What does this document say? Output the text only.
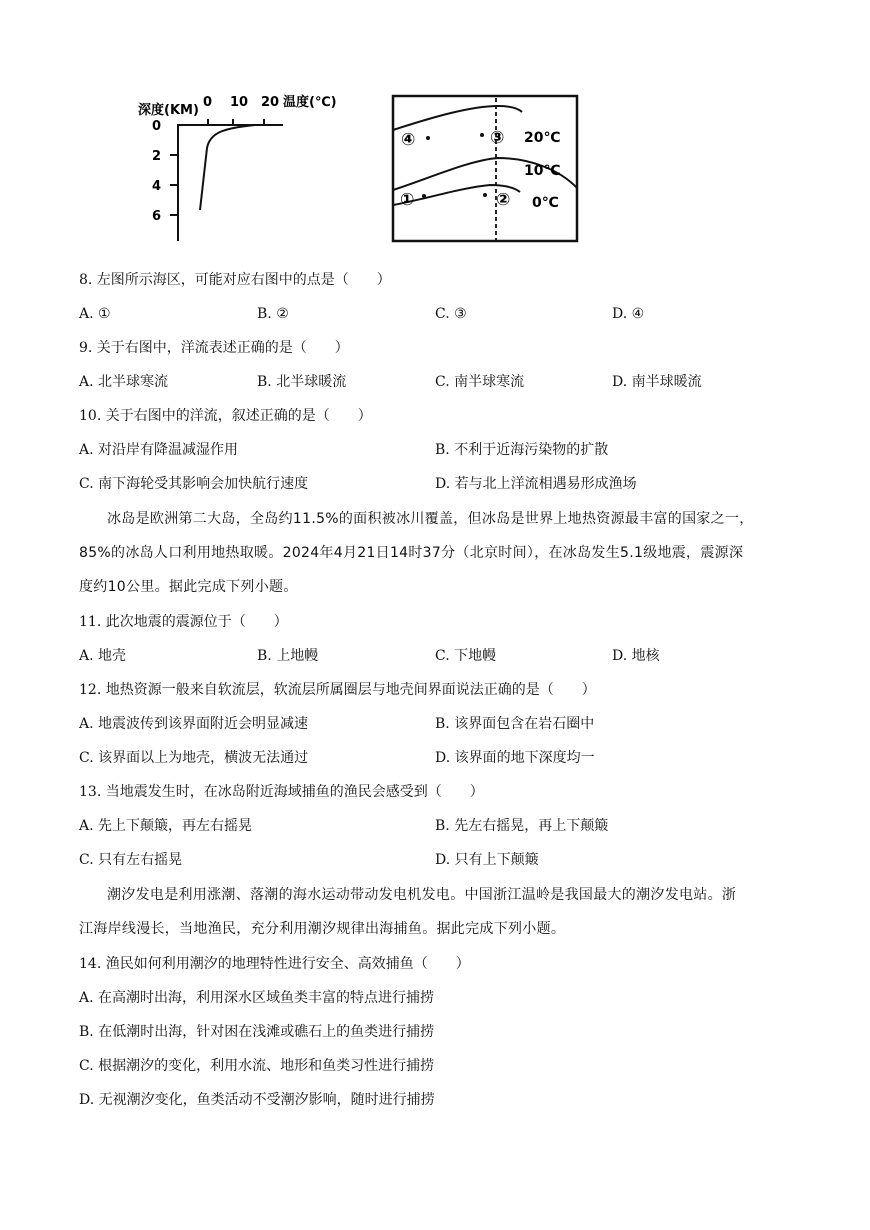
深度(KM)
0 10 20 温度(℃)
0
2
4
6
20℃
10℃
0℃
④	③
①	②
8. 左图所示海区，可能对应右图中的点是（　　）
A. ①	B. ②	C. ③	D. ④
9. 关于右图中，洋流表述正确的是（　　）
A. 北半球寒流	B. 北半球暖流	C. 南半球寒流	D. 南半球暖流
10. 关于右图中的洋流，叙述正确的是（　　）
A. 对沿岸有降温减湿作用	B. 不利于近海污染物的扩散
C. 南下海轮受其影响会加快航行速度	D. 若与北上洋流相遇易形成渔场
冰岛是欧洲第二大岛，全岛约11.5%的面积被冰川覆盖，但冰岛是世界上地热资源最丰富的国家之一，
85%的冰岛人口利用地热取暖。2024年4月21日14时37分（北京时间），在冰岛发生5.1级地震，震源深
度约10公里。据此完成下列小题。
11. 此次地震的震源位于（　　）
A. 地壳	B. 上地幔	C. 下地幔	D. 地核
12. 地热资源一般来自软流层，软流层所属圈层与地壳间界面说法正确的是（　　）
A. 地震波传到该界面附近会明显减速	B. 该界面包含在岩石圈中
C. 该界面以上为地壳，横波无法通过	D. 该界面的地下深度均一
13. 当地震发生时，在冰岛附近海域捕鱼的渔民会感受到（　　）
A. 先上下颠簸，再左右摇晃	B. 先左右摇晃，再上下颠簸
C. 只有左右摇晃	D. 只有上下颠簸
潮汐发电是利用涨潮、落潮的海水运动带动发电机发电。中国浙江温岭是我国最大的潮汐发电站。浙
江海岸线漫长，当地渔民，充分利用潮汐规律出海捕鱼。据此完成下列小题。
14. 渔民如何利用潮汐的地理特性进行安全、高效捕鱼（　　）
A. 在高潮时出海，利用深水区域鱼类丰富的特点进行捕捞
B. 在低潮时出海，针对困在浅滩或礁石上的鱼类进行捕捞
C. 根据潮汐的变化，利用水流、地形和鱼类习性进行捕捞
D. 无视潮汐变化，鱼类活动不受潮汐影响，随时进行捕捞
